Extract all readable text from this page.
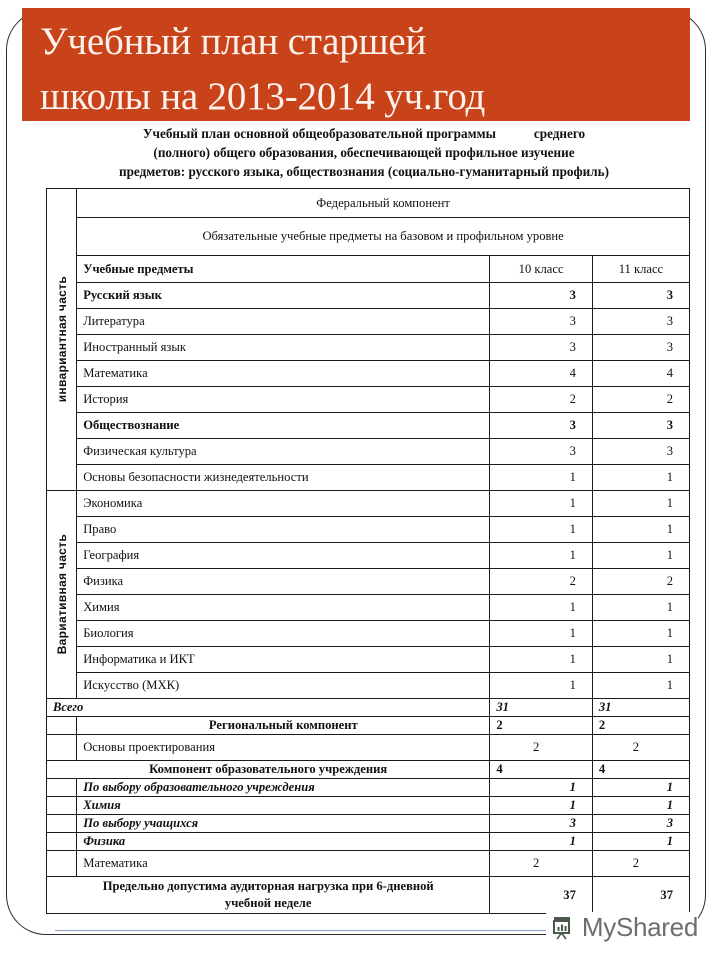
Учебный план старшей
школы на 2013-2014 уч.год
Учебный план основной общеобразовательной программы	среднего
(полного) общего образования, обеспечивающей профильное изучение
предметов: русского языка, обществознания (социально-гуманитарный профиль)
инвариантная часть	Федеральный компонент		
	Обязательные учебные предметы на базовом и профильном уровне		
	Учебные предметы	10 класс	11 класс
	Русский язык	3	3
	Литература	3	3
	Иностранный язык	3	3
	Математика	4	4
	История	2	2
	Обществознание	3	3
	Физическая культура	3	3
	Основы безопасности жизнедеятельности	1	1

Вариативная часть	Экономика	1	1
	Право	1	1
	География	1	1
	Физика	2	2
	Химия	1	1
	Биология	1	1
	Информатика и ИКТ	1	1
	Искусство (МХК)	1	1
Всего		31	31
	Региональный компонент	2	2
	Основы проектирования	2	2
Компонент образовательного учреждения		4	4
	По выбору образовательного учреждения	1	1
	Химия	1	1
	По выбору учащихся	3	3
	Физика	1	1
	Математика	2	2
Предельно допустима аудиторная нагрузка при 6-дневной
учебной неделе		37	37
MyShared
